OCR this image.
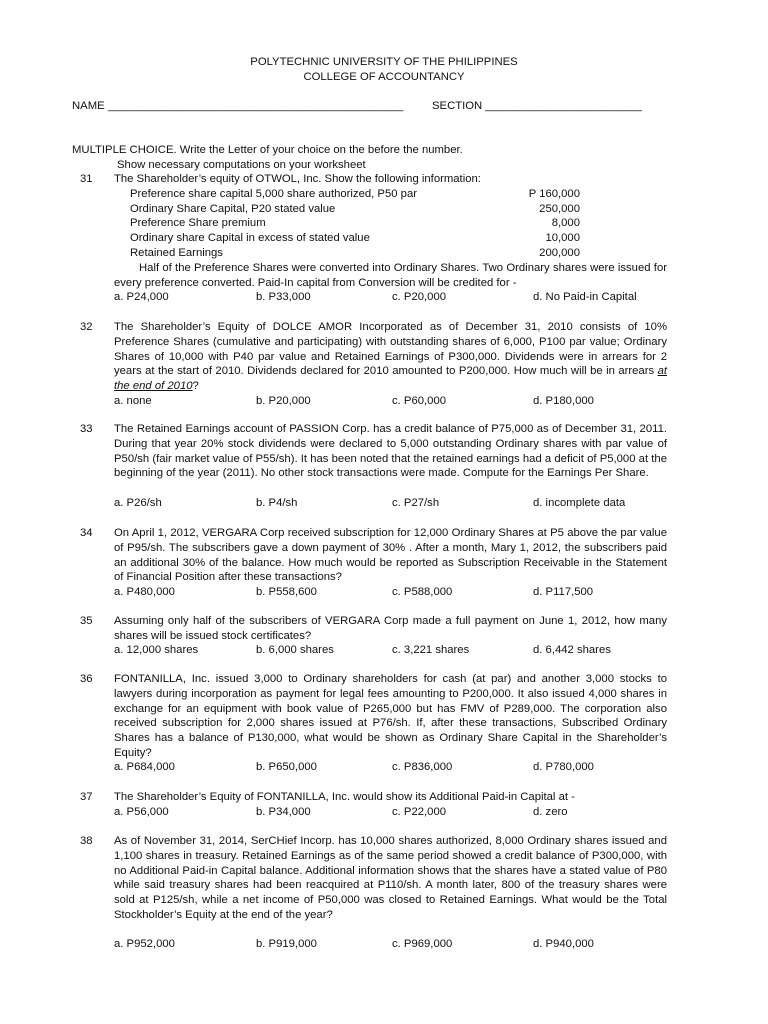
POLYTECHNIC UNIVERSITY OF THE PHILIPPINES
COLLEGE OF ACCOUNTANCY
NAME _______________________________________________	SECTION _________________________
MULTIPLE CHOICE. Write the Letter of your choice on the before the number.
Show necessary computations on your worksheet
31 The Shareholder’s equity of OTWOL, Inc. Show the following information:
Preference share capital 5,000 share authorized, P50 par	P 160,000
Ordinary Share Capital, P20 stated value	250,000
Preference Share premium	8,000
Ordinary share Capital in excess of stated value	10,000
Retained Earnings	200,000
Half of the Preference Shares were converted into Ordinary Shares. Two Ordinary shares were issued for every preference converted. Paid-In capital from Conversion will be credited for -
a. P24,000	b. P33,000	c. P20,000	d. No Paid-in Capital
32 The Shareholder’s Equity of DOLCE AMOR Incorporated as of December 31, 2010 consists of 10% Preference Shares (cumulative and participating) with outstanding shares of 6,000, P100 par value; Ordinary Shares of 10,000 with P40 par value and Retained Earnings of P300,000. Dividends were in arrears for 2 years at the start of 2010. Dividends declared for 2010 amounted to P200,000. How much will be in arrears at the end of 2010?
a. none	b. P20,000	c. P60,000	d. P180,000
33 The Retained Earnings account of PASSION Corp. has a credit balance of P75,000 as of December 31, 2011. During that year 20% stock dividends were declared to 5,000 outstanding Ordinary shares with par value of P50/sh (fair market value of P55/sh). It has been noted that the retained earnings had a deficit of P5,000 at the beginning of the year (2011). No other stock transactions were made. Compute for the Earnings Per Share.
a. P26/sh	b. P4/sh	c. P27/sh	d. incomplete data
34 On April 1, 2012, VERGARA Corp received subscription for 12,000 Ordinary Shares at P5 above the par value of P95/sh. The subscribers gave a down payment of 30% . After a month, Mary 1, 2012, the subscribers paid an additional 30% of the balance. How much would be reported as Subscription Receivable in the Statement of Financial Position after these transactions?
a. P480,000	b. P558,600	c. P588,000	d. P117,500
35 Assuming only half of the subscribers of VERGARA Corp made a full payment on June 1, 2012, how many shares will be issued stock certificates?
a. 12,000 shares	b. 6,000 shares	c. 3,221 shares	d. 6,442 shares
36 FONTANILLA, Inc. issued 3,000 to Ordinary shareholders for cash (at par) and another 3,000 stocks to lawyers during incorporation as payment for legal fees amounting to P200,000. It also issued 4,000 shares in exchange for an equipment with book value of P265,000 but has FMV of P289,000. The corporation also received subscription for 2,000 shares issued at P76/sh. If, after these transactions, Subscribed Ordinary Shares has a balance of P130,000, what would be shown as Ordinary Share Capital in the Shareholder’s Equity?
a. P684,000	b. P650,000	c. P836,000	d. P780,000
37 The Shareholder’s Equity of FONTANILLA, Inc. would show its Additional Paid-in Capital at -
a. P56,000	b. P34,000	c. P22,000	d. zero
38 As of November 31, 2014, SerCHief Incorp. has 10,000 shares authorized, 8,000 Ordinary shares issued and 1,100 shares in treasury. Retained Earnings as of the same period showed a credit balance of P300,000, with no Additional Paid-in Capital balance. Additional information shows that the shares have a stated value of P80 while said treasury shares had been reacquired at P110/sh. A month later, 800 of the treasury shares were sold at P125/sh, while a net income of P50,000 was closed to Retained Earnings. What would be the Total Stockholder’s Equity at the end of the year?
a. P952,000	b. P919,000	c. P969,000	d. P940,000
